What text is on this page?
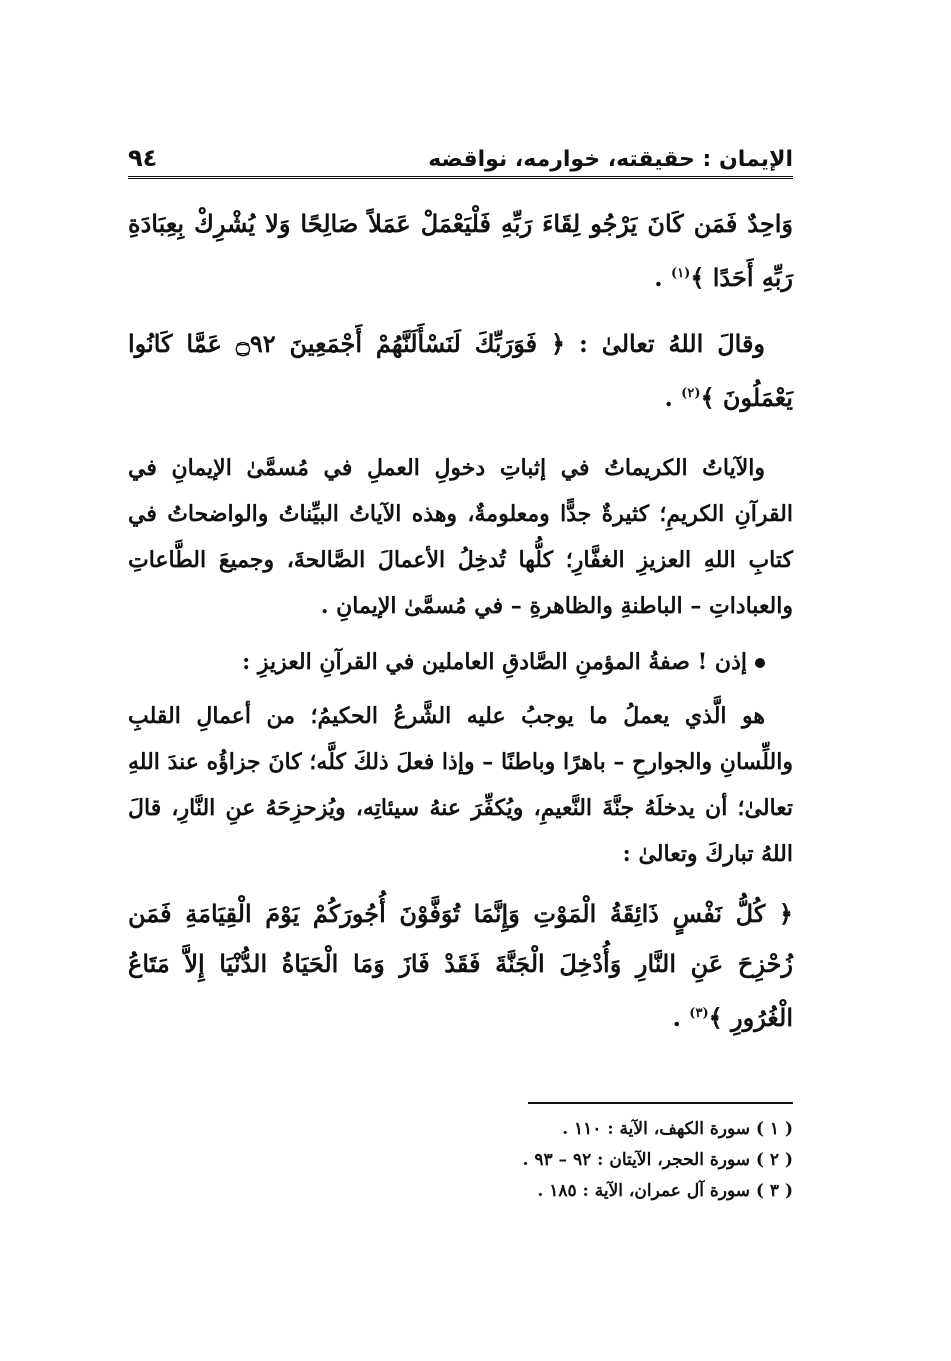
الإيمان : حقيقته، خوارمه، نواقضه
٩٤

وَاحِدٌ فَمَن كَانَ يَرْجُو لِقَاءَ رَبِّهِ فَلْيَعْمَلْ عَمَلاً صَالِحًا وَلا يُشْرِكْ بِعِبَادَةِ رَبِّهِ أَحَدًا ﴾$^{(١)}$ .

وقالَ اللهُ تعالىٰ : ﴿ فَوَرَبِّكَ لَنَسْأَلَنَّهُمْ أَجْمَعِينَ ۝٩٢ عَمَّا كَانُوا يَعْمَلُونَ ﴾$^{(٢)}$ .

والآياتُ الكريماتُ في إثباتِ دخولِ العملِ في مُسمَّىٰ الإيمانِ في القرآنِ الكريمِ؛ كثيرةٌ جدًّا ومعلومةٌ، وهذه الآياتُ البيِّناتُ والواضحاتُ في كتابِ اللهِ العزيزِ الغفَّارِ؛ كلُّها تُدخِلُ الأعمالَ الصَّالحةَ، وجميعَ الطَّاعاتِ والعباداتِ – الباطنةِ والظاهرةِ – في مُسمَّىٰ الإيمانِ .

إذن ! صفةُ المؤمنِ الصَّادقِ العاملين في القرآنِ العزيزِ :

هو الَّذي يعملُ ما يوجبُ عليه الشَّرعُ الحكيمُ؛ من أعمالِ القلبِ واللِّسانِ والجوارحِ – باهرًا وباطنًا – وإذا فعلَ ذلكَ كلَّه؛ كانَ جزاؤُه عندَ اللهِ تعالىٰ؛ أن يدخلَهُ جنَّةَ النَّعيمِ، ويُكفِّرَ عنهُ سيئاتِه، ويُزحزِحَهُ عنِ النَّارِ، قالَ اللهُ تباركَ وتعالىٰ :

﴿ كُلُّ نَفْسٍ ذَائِقَةُ الْمَوْتِ وَإِنَّمَا تُوَفَّوْنَ أُجُورَكُمْ يَوْمَ الْقِيَامَةِ فَمَن زُحْزِحَ عَنِ النَّارِ وَأُدْخِلَ الْجَنَّةَ فَقَدْ فَازَ وَمَا الْحَيَاةُ الدُّنْيَا إِلاَّ مَتَاعُ الْغُرُورِ ﴾$^{(٣)}$ .

( ١ ) سورة الكهف، الآية : ١١٠ .
( ٢ ) سورة الحجر، الآيتان : ٩٢ – ٩٣ .
( ٣ ) سورة آل عمران، الآية : ١٨٥ .
